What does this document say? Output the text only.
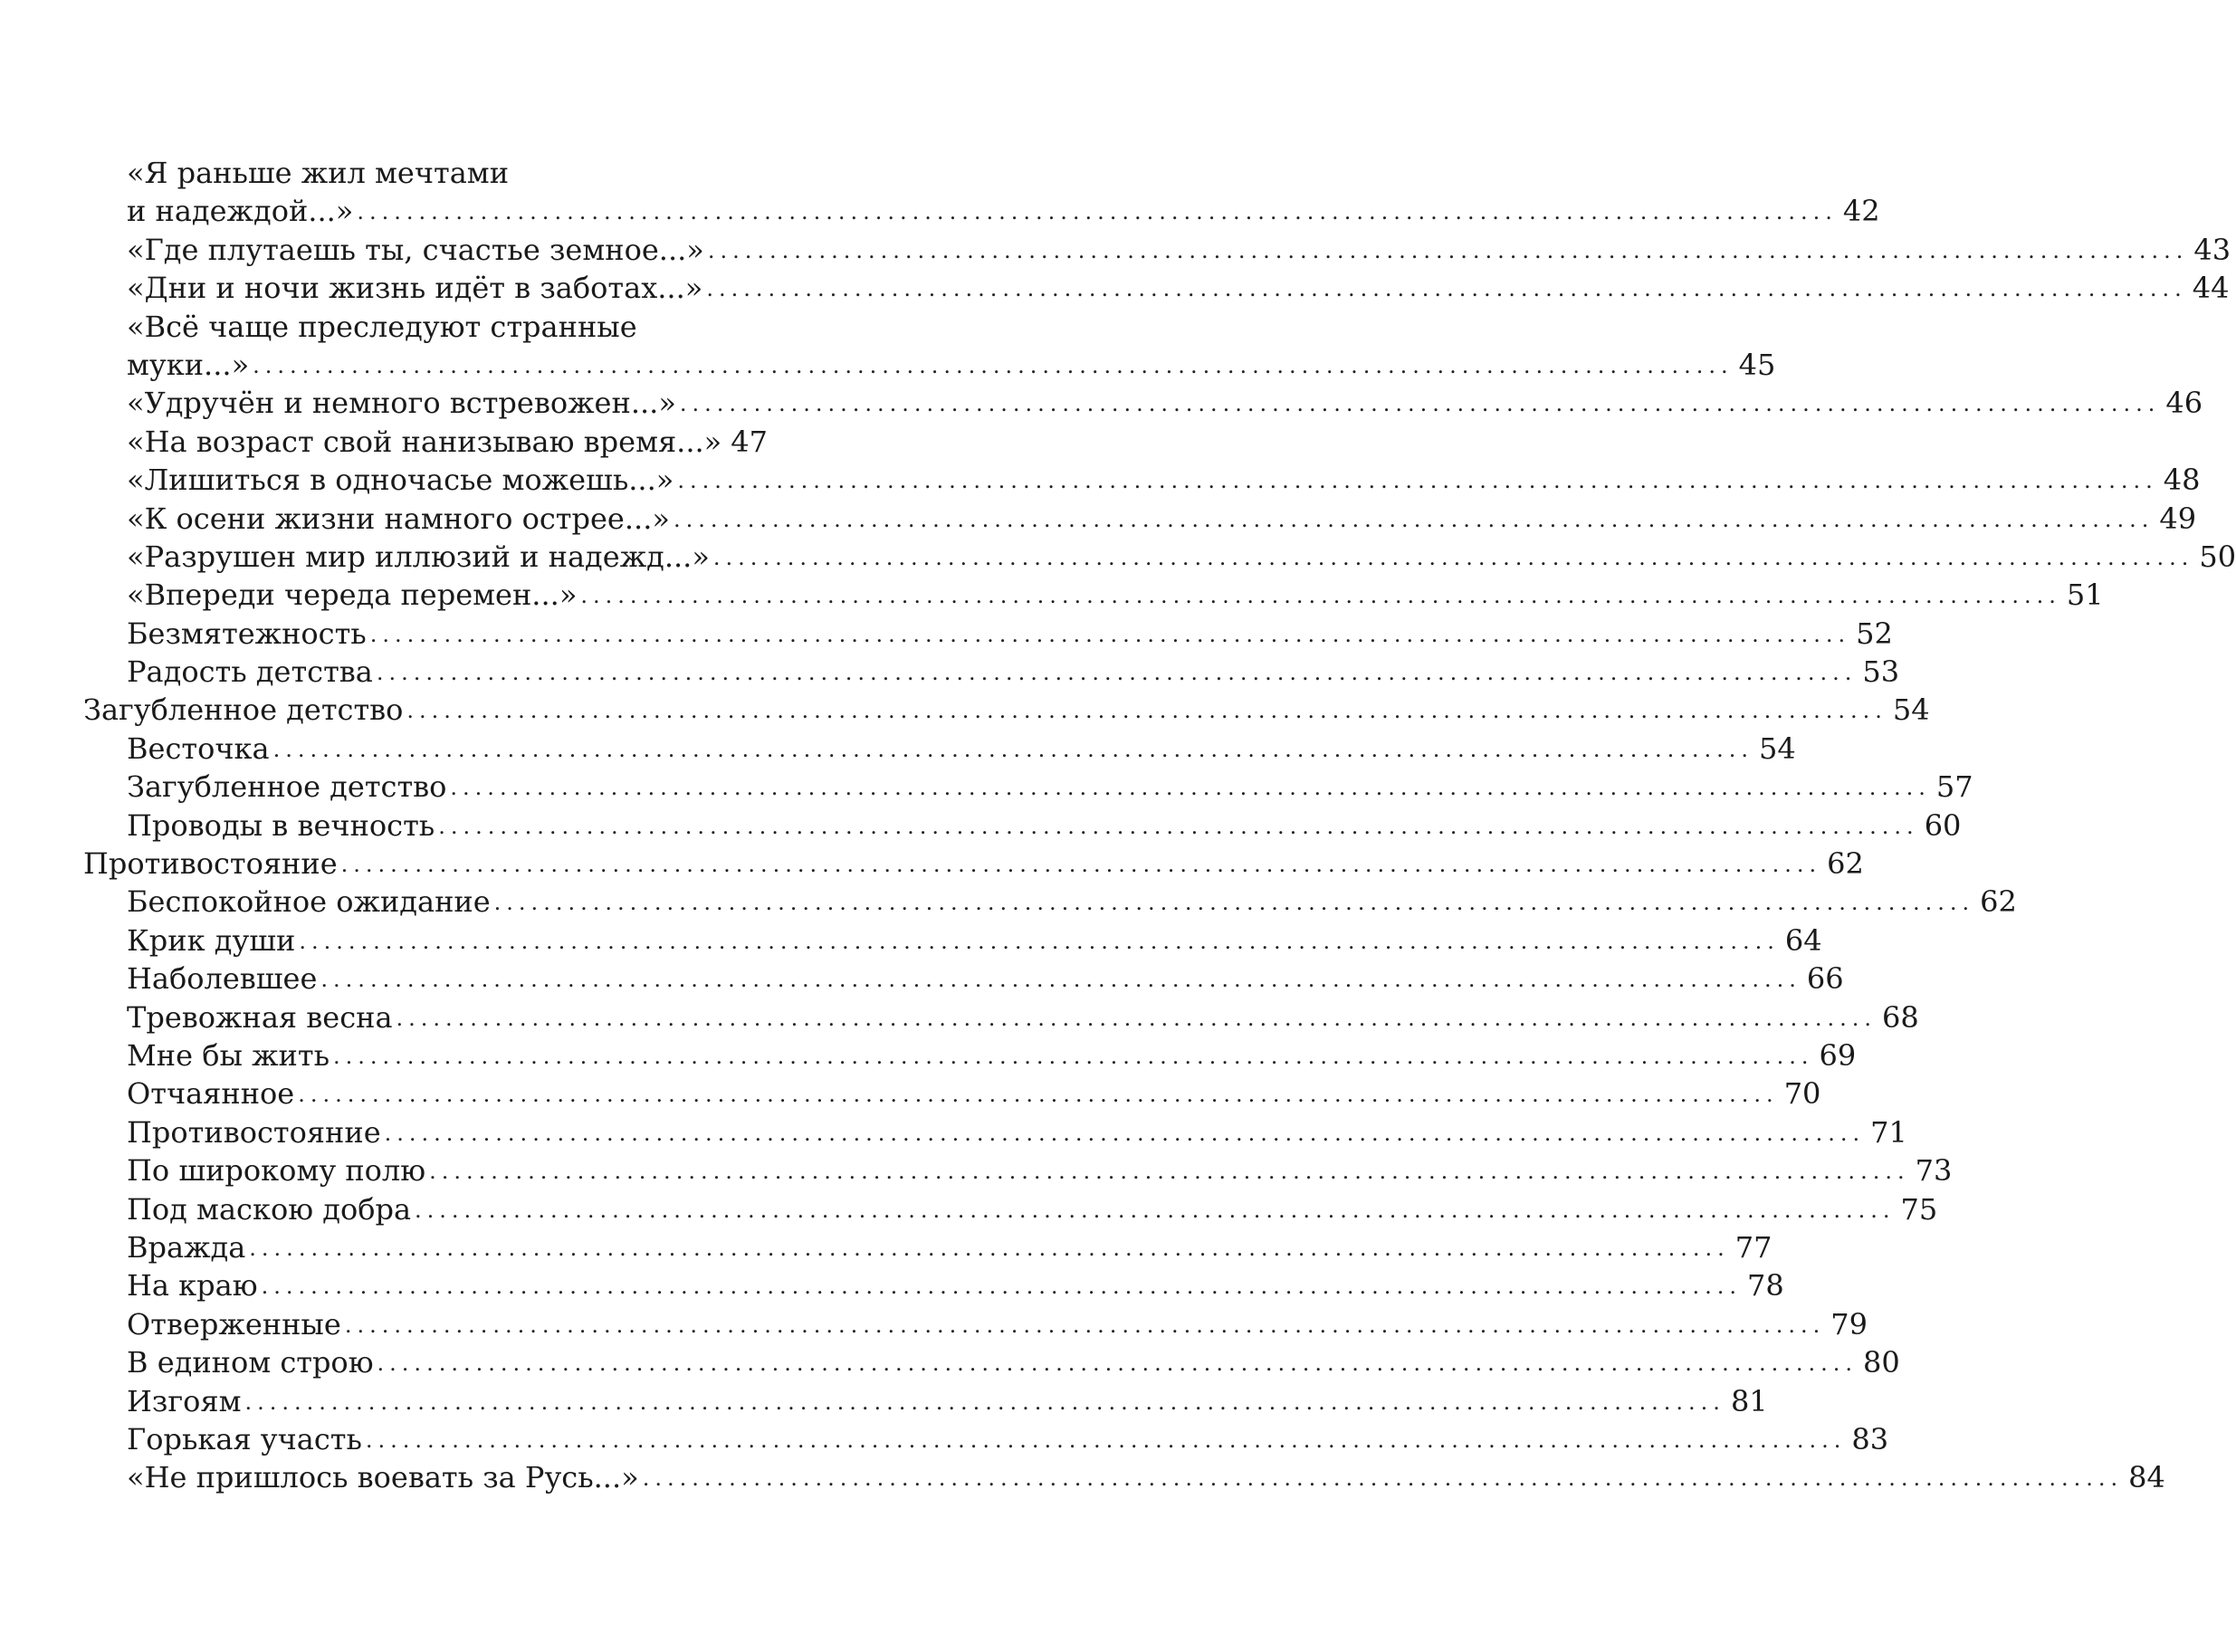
«Я раньше жил мечтами
и надеждой...» ........................................................................................................................ 42
«Где плутаешь ты, счастье земное...» ........................................................................................................................ 43
«Дни и ночи жизнь идёт в заботах...» ........................................................................................................................ 44
«Всё чаще преследуют странные
муки...» ........................................................................................................................ 45
«Удручён и немного встревожен...» ........................................................................................................................ 46
«На возраст свой нанизываю время...» 47
«Лишиться в одночасье можешь...» ........................................................................................................................ 48
«К осени жизни намного острее...» ........................................................................................................................ 49
«Разрушен мир иллюзий и надежд...» ........................................................................................................................ 50
«Впереди череда перемен...» ........................................................................................................................ 51
Безмятежность ........................................................................................................................ 52
Радость детства ........................................................................................................................ 53
Загубленное детство ........................................................................................................................ 54
Весточка ........................................................................................................................ 54
Загубленное детство ........................................................................................................................ 57
Проводы в вечность ........................................................................................................................ 60
Противостояние ........................................................................................................................ 62
Беспокойное ожидание ........................................................................................................................ 62
Крик души ........................................................................................................................ 64
Наболевшее ........................................................................................................................ 66
Тревожная весна ........................................................................................................................ 68
Мне бы жить ........................................................................................................................ 69
Отчаянное ........................................................................................................................ 70
Противостояние ........................................................................................................................ 71
По широкому полю ........................................................................................................................ 73
Под маскою добра ........................................................................................................................ 75
Вражда ........................................................................................................................ 77
На краю ........................................................................................................................ 78
Отверженные ........................................................................................................................ 79
В едином строю ........................................................................................................................ 80
Изгоям ........................................................................................................................ 81
Горькая участь ........................................................................................................................ 83
«Не пришлось воевать за Русь...» ........................................................................................................................ 84
